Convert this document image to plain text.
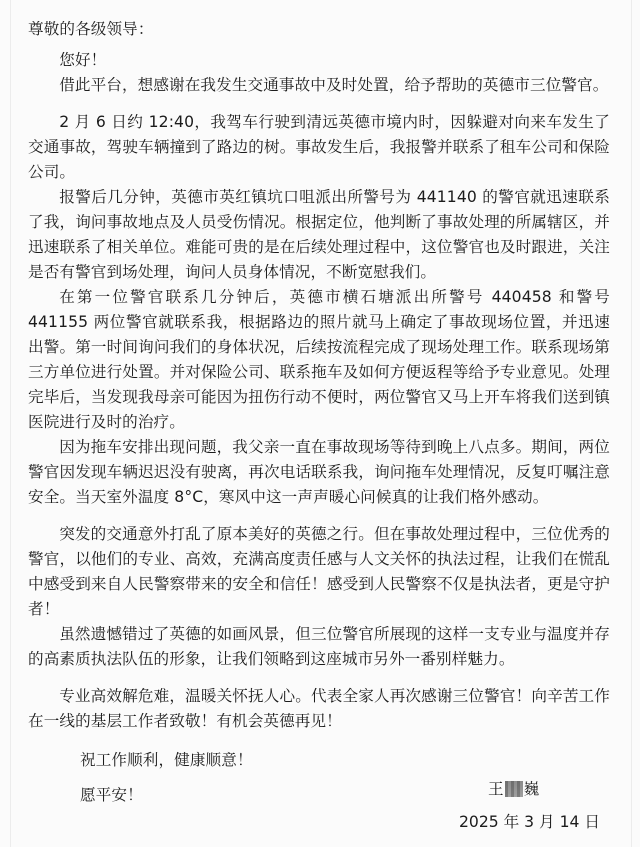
尊敬的各级领导：

您好！

借此平台，想感谢在我发生交通事故中及时处置，给予帮助的英德市三位警官。

2 月 6 日约 12:40，我驾车行驶到清远英德市境内时，因躲避对向来车发生了交通事故，驾驶车辆撞到了路边的树。事故发生后，我报警并联系了租车公司和保险公司。

报警后几分钟，英德市英红镇坑口咀派出所警号为 441140 的警官就迅速联系了我，询问事故地点及人员受伤情况。根据定位，他判断了事故处理的所属辖区，并迅速联系了相关单位。难能可贵的是在后续处理过程中，这位警官也及时跟进，关注是否有警官到场处理，询问人员身体情况，不断宽慰我们。

在第一位警官联系几分钟后，英德市横石塘派出所警号 440458 和警号 441155 两位警官就联系我，根据路边的照片就马上确定了事故现场位置，并迅速出警。第一时间询问我们的身体状况，后续按流程完成了现场处理工作。联系现场第三方单位进行处置。并对保险公司、联系拖车及如何方便返程等给予专业意见。处理完毕后，当发现我母亲可能因为扭伤行动不便时，两位警官又马上开车将我们送到镇医院进行及时的治疗。

因为拖车安排出现问题，我父亲一直在事故现场等待到晚上八点多。期间，两位警官因发现车辆迟迟没有驶离，再次电话联系我，询问拖车处理情况，反复叮嘱注意安全。当天室外温度 8°C，寒风中这一声声暖心问候真的让我们格外感动。

突发的交通意外打乱了原本美好的英德之行。但在事故处理过程中，三位优秀的警官，以他们的专业、高效，充满高度责任感与人文关怀的执法过程，让我们在慌乱中感受到来自人民警察带来的安全和信任！感受到人民警察不仅是执法者，更是守护者！

虽然遗憾错过了英德的如画风景，但三位警官所展现的这样一支专业与温度并存的高素质执法队伍的形象，让我们领略到这座城市另外一番别样魅力。

专业高效解危难，温暖关怀抚人心。代表全家人再次感谢三位警官！向辛苦工作在一线的基层工作者致敬！有机会英德再见！

祝工作顺利，健康顺意！

愿平安！	王 巍
2025 年 3 月 14 日
